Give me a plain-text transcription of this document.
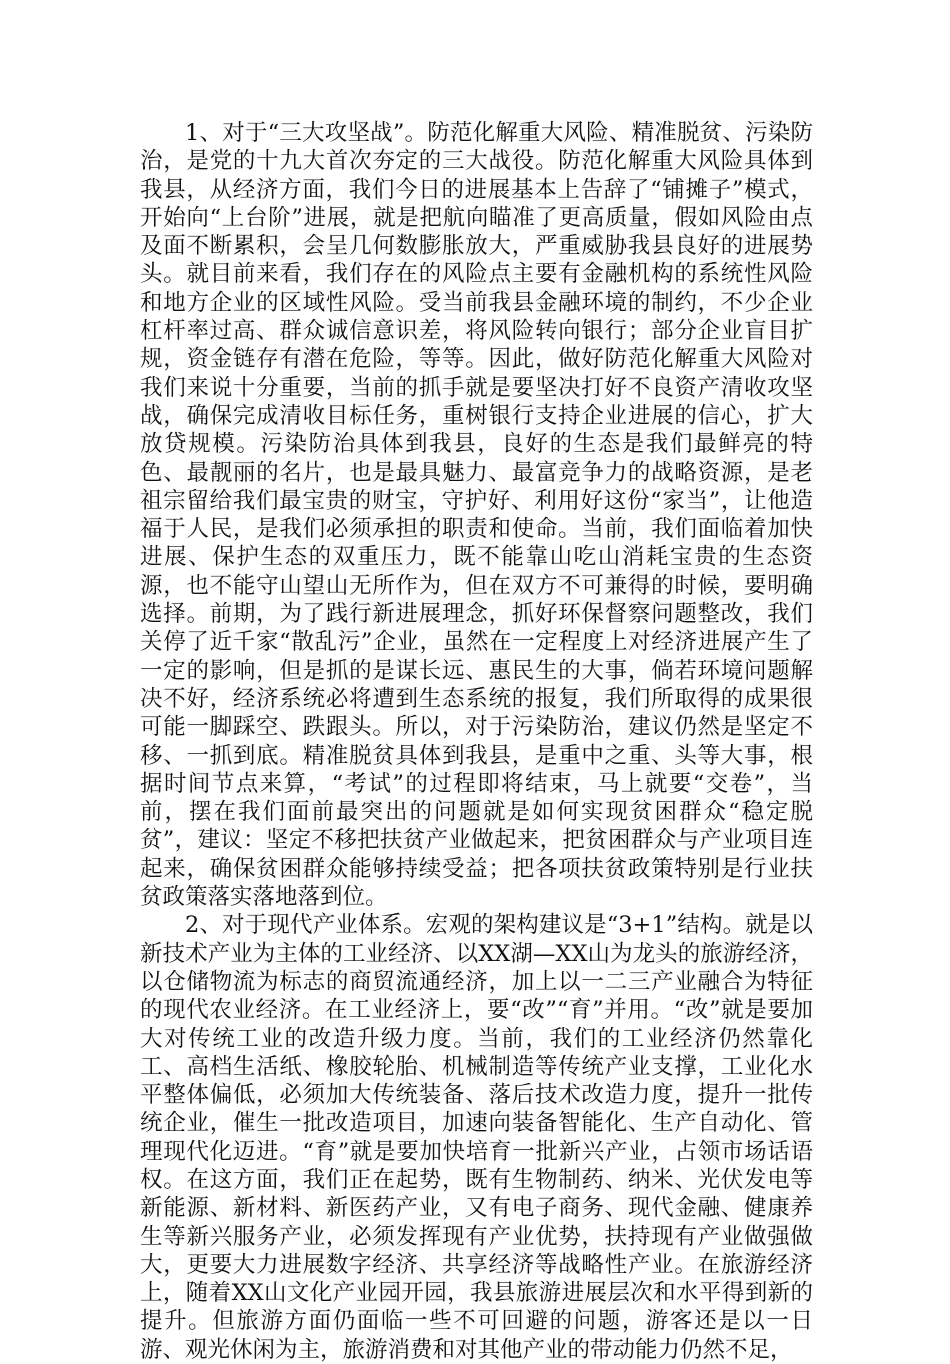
1、对于“三大攻坚战”。防范化解重大风险、精准脱贫、污染防治，是党的十九大首次夯定的三大战役。防范化解重大风险具体到我县，从经济方面，我们今日的进展基本上告辞了“铺摊子”模式，开始向“上台阶”进展，就是把航向瞄准了更高质量，假如风险由点及面不断累积，会呈几何数膨胀放大，严重威胁我县良好的进展势头。就目前来看，我们存在的风险点主要有金融机构的系统性风险和地方企业的区域性风险。受当前我县金融环境的制约，不少企业杠杆率过高、群众诚信意识差，将风险转向银行；部分企业盲目扩规，资金链存有潜在危险，等等。因此，做好防范化解重大风险对我们来说十分重要，当前的抓手就是要坚决打好不良资产清收攻坚战，确保完成清收目标任务，重树银行支持企业进展的信心，扩大放贷规模。污染防治具体到我县，良好的生态是我们最鲜亮的特色、最靓丽的名片，也是最具魅力、最富竞争力的战略资源，是老祖宗留给我们最宝贵的财宝，守护好、利用好这份“家当”，让他造福于人民，是我们必须承担的职责和使命。当前，我们面临着加快进展、保护生态的双重压力，既不能靠山吃山消耗宝贵的生态资源，也不能守山望山无所作为，但在双方不可兼得的时候，要明确选择。前期，为了践行新进展理念，抓好环保督察问题整改，我们关停了近千家“散乱污”企业，虽然在一定程度上对经济进展产生了一定的影响，但是抓的是谋长远、惠民生的大事，倘若环境问题解决不好，经济系统必将遭到生态系统的报复，我们所取得的成果很可能一脚踩空、跌跟头。所以，对于污染防治，建议仍然是坚定不移、一抓到底。精准脱贫具体到我县，是重中之重、头等大事，根据时间节点来算，“考试”的过程即将结束，马上就要“交卷”，当前，摆在我们面前最突出的问题就是如何实现贫困群众“稳定脱贫”，建议：坚定不移把扶贫产业做起来，把贫困群众与产业项目连起来，确保贫困群众能够持续受益；把各项扶贫政策特别是行业扶贫政策落实落地落到位。

2、对于现代产业体系。宏观的架构建议是“3+1”结构。就是以新技术产业为主体的工业经济、以XX湖—XX山为龙头的旅游经济，以仓储物流为标志的商贸流通经济，加上以一二三产业融合为特征的现代农业经济。在工业经济上，要“改”“育”并用。“改”就是要加大对传统工业的改造升级力度。当前，我们的工业经济仍然靠化工、高档生活纸、橡胶轮胎、机械制造等传统产业支撑，工业化水平整体偏低，必须加大传统装备、落后技术改造力度，提升一批传统企业，催生一批改造项目，加速向装备智能化、生产自动化、管理现代化迈进。“育”就是要加快培育一批新兴产业，占领市场话语权。在这方面，我们正在起势，既有生物制药、纳米、光伏发电等新能源、新材料、新医药产业，又有电子商务、现代金融、健康养生等新兴服务产业，必须发挥现有产业优势，扶持现有产业做强做大，更要大力进展数字经济、共享经济等战略性产业。在旅游经济上，随着XX山文化产业园开园，我县旅游进展层次和水平得到新的提升。但旅游方面仍面临一些不可回避的问题，游客还是以一日游、观光休闲为主，旅游消费和对其他产业的带动能力仍然不足，
